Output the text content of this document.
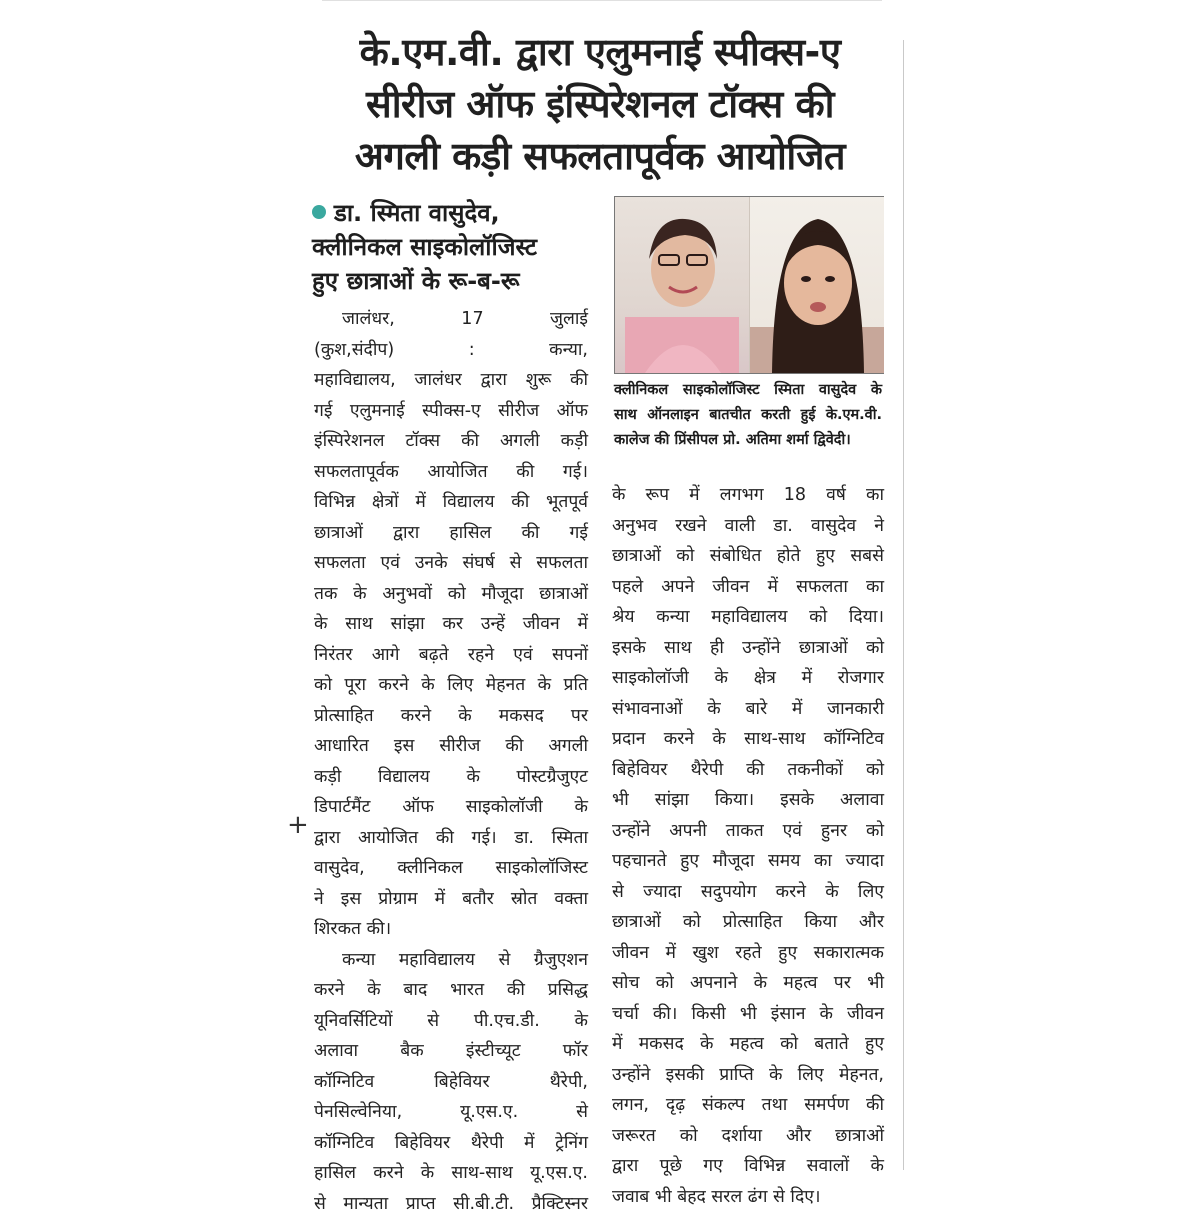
के.एम.वी. द्वारा एलुमनाई स्पीक्स-ए
सीरीज ऑफ इंस्पिरेशनल टॉक्स की
अगली कड़ी सफलतापूर्वक आयोजित
डा. स्मिता वासुदेव,
क्लीनिकल साइकोलॉजिस्ट
हुए छात्राओं के रू-ब-रू
क्लीनिकल साइकोलॉजिस्ट स्मिता वासुदेव के
साथ ऑनलाइन बातचीत करती हुई के.एम.वी.
कालेज की प्रिंसीपल प्रो. अतिमा शर्मा द्विवेदी।
+
जालंधर, 17 जुलाई
(कुश,संदीप) : कन्या,
महाविद्यालय, जालंधर द्वारा शुरू की
गई एलुमनाई स्पीक्स-ए सीरीज ऑफ
इंस्पिरेशनल टॉक्स की अगली कड़ी
सफलतापूर्वक आयोजित की गई।
विभिन्न क्षेत्रों में विद्यालय की भूतपूर्व
छात्राओं द्वारा हासिल की गई
सफलता एवं उनके संघर्ष से सफलता
तक के अनुभवों को मौजूदा छात्राओं
के साथ सांझा कर उन्हें जीवन में
निरंतर आगे बढ़ते रहने एवं सपनों
को पूरा करने के लिए मेहनत के प्रति
प्रोत्साहित करने के मकसद पर
आधारित इस सीरीज की अगली
कड़ी विद्यालय के पोस्टग्रैजुएट
डिपार्टमैंट ऑफ साइकोलॉजी के
द्वारा आयोजित की गई। डा. स्मिता
वासुदेव, क्लीनिकल साइकोलॉजिस्ट
ने इस प्रोग्राम में बतौर स्रोत वक्ता
शिरकत की।
कन्या महाविद्यालय से ग्रैजुएशन
करने के बाद भारत की प्रसिद्ध
यूनिवर्सिटियों से पी.एच.डी. के
अलावा बैक इंस्टीच्यूट फॉर
कॉग्निटिव बिहेवियर थैरेपी,
पेनसिल्वेनिया, यू.एस.ए. से
कॉग्निटिव बिहेवियर थैरेपी में ट्रेनिंग
हासिल करने के साथ-साथ यू.एस.ए.
से मान्यता प्राप्त सी.बी.टी. प्रैक्टिस्नर
के रूप में लगभग 18 वर्ष का
अनुभव रखने वाली डा. वासुदेव ने
छात्राओं को संबोधित होते हुए सबसे
पहले अपने जीवन में सफलता का
श्रेय कन्या महाविद्यालय को दिया।
इसके साथ ही उन्होंने छात्राओं को
साइकोलॉजी के क्षेत्र में रोजगार
संभावनाओं के बारे में जानकारी
प्रदान करने के साथ-साथ कॉग्निटिव
बिहेवियर थैरेपी की तकनीकों को
भी सांझा किया। इसके अलावा
उन्होंने अपनी ताकत एवं हुनर को
पहचानते हुए मौजूदा समय का ज्यादा
से ज्यादा सदुपयोग करने के लिए
छात्राओं को प्रोत्साहित किया और
जीवन में खुश रहते हुए सकारात्मक
सोच को अपनाने के महत्व पर भी
चर्चा की। किसी भी इंसान के जीवन
में मकसद के महत्व को बताते हुए
उन्होंने इसकी प्राप्ति के लिए मेहनत,
लगन, दृढ़ संकल्प तथा समर्पण की
जरूरत को दर्शाया और छात्राओं
द्वारा पूछे गए विभिन्न सवालों के
जवाब भी बेहद सरल ढंग से दिए।
